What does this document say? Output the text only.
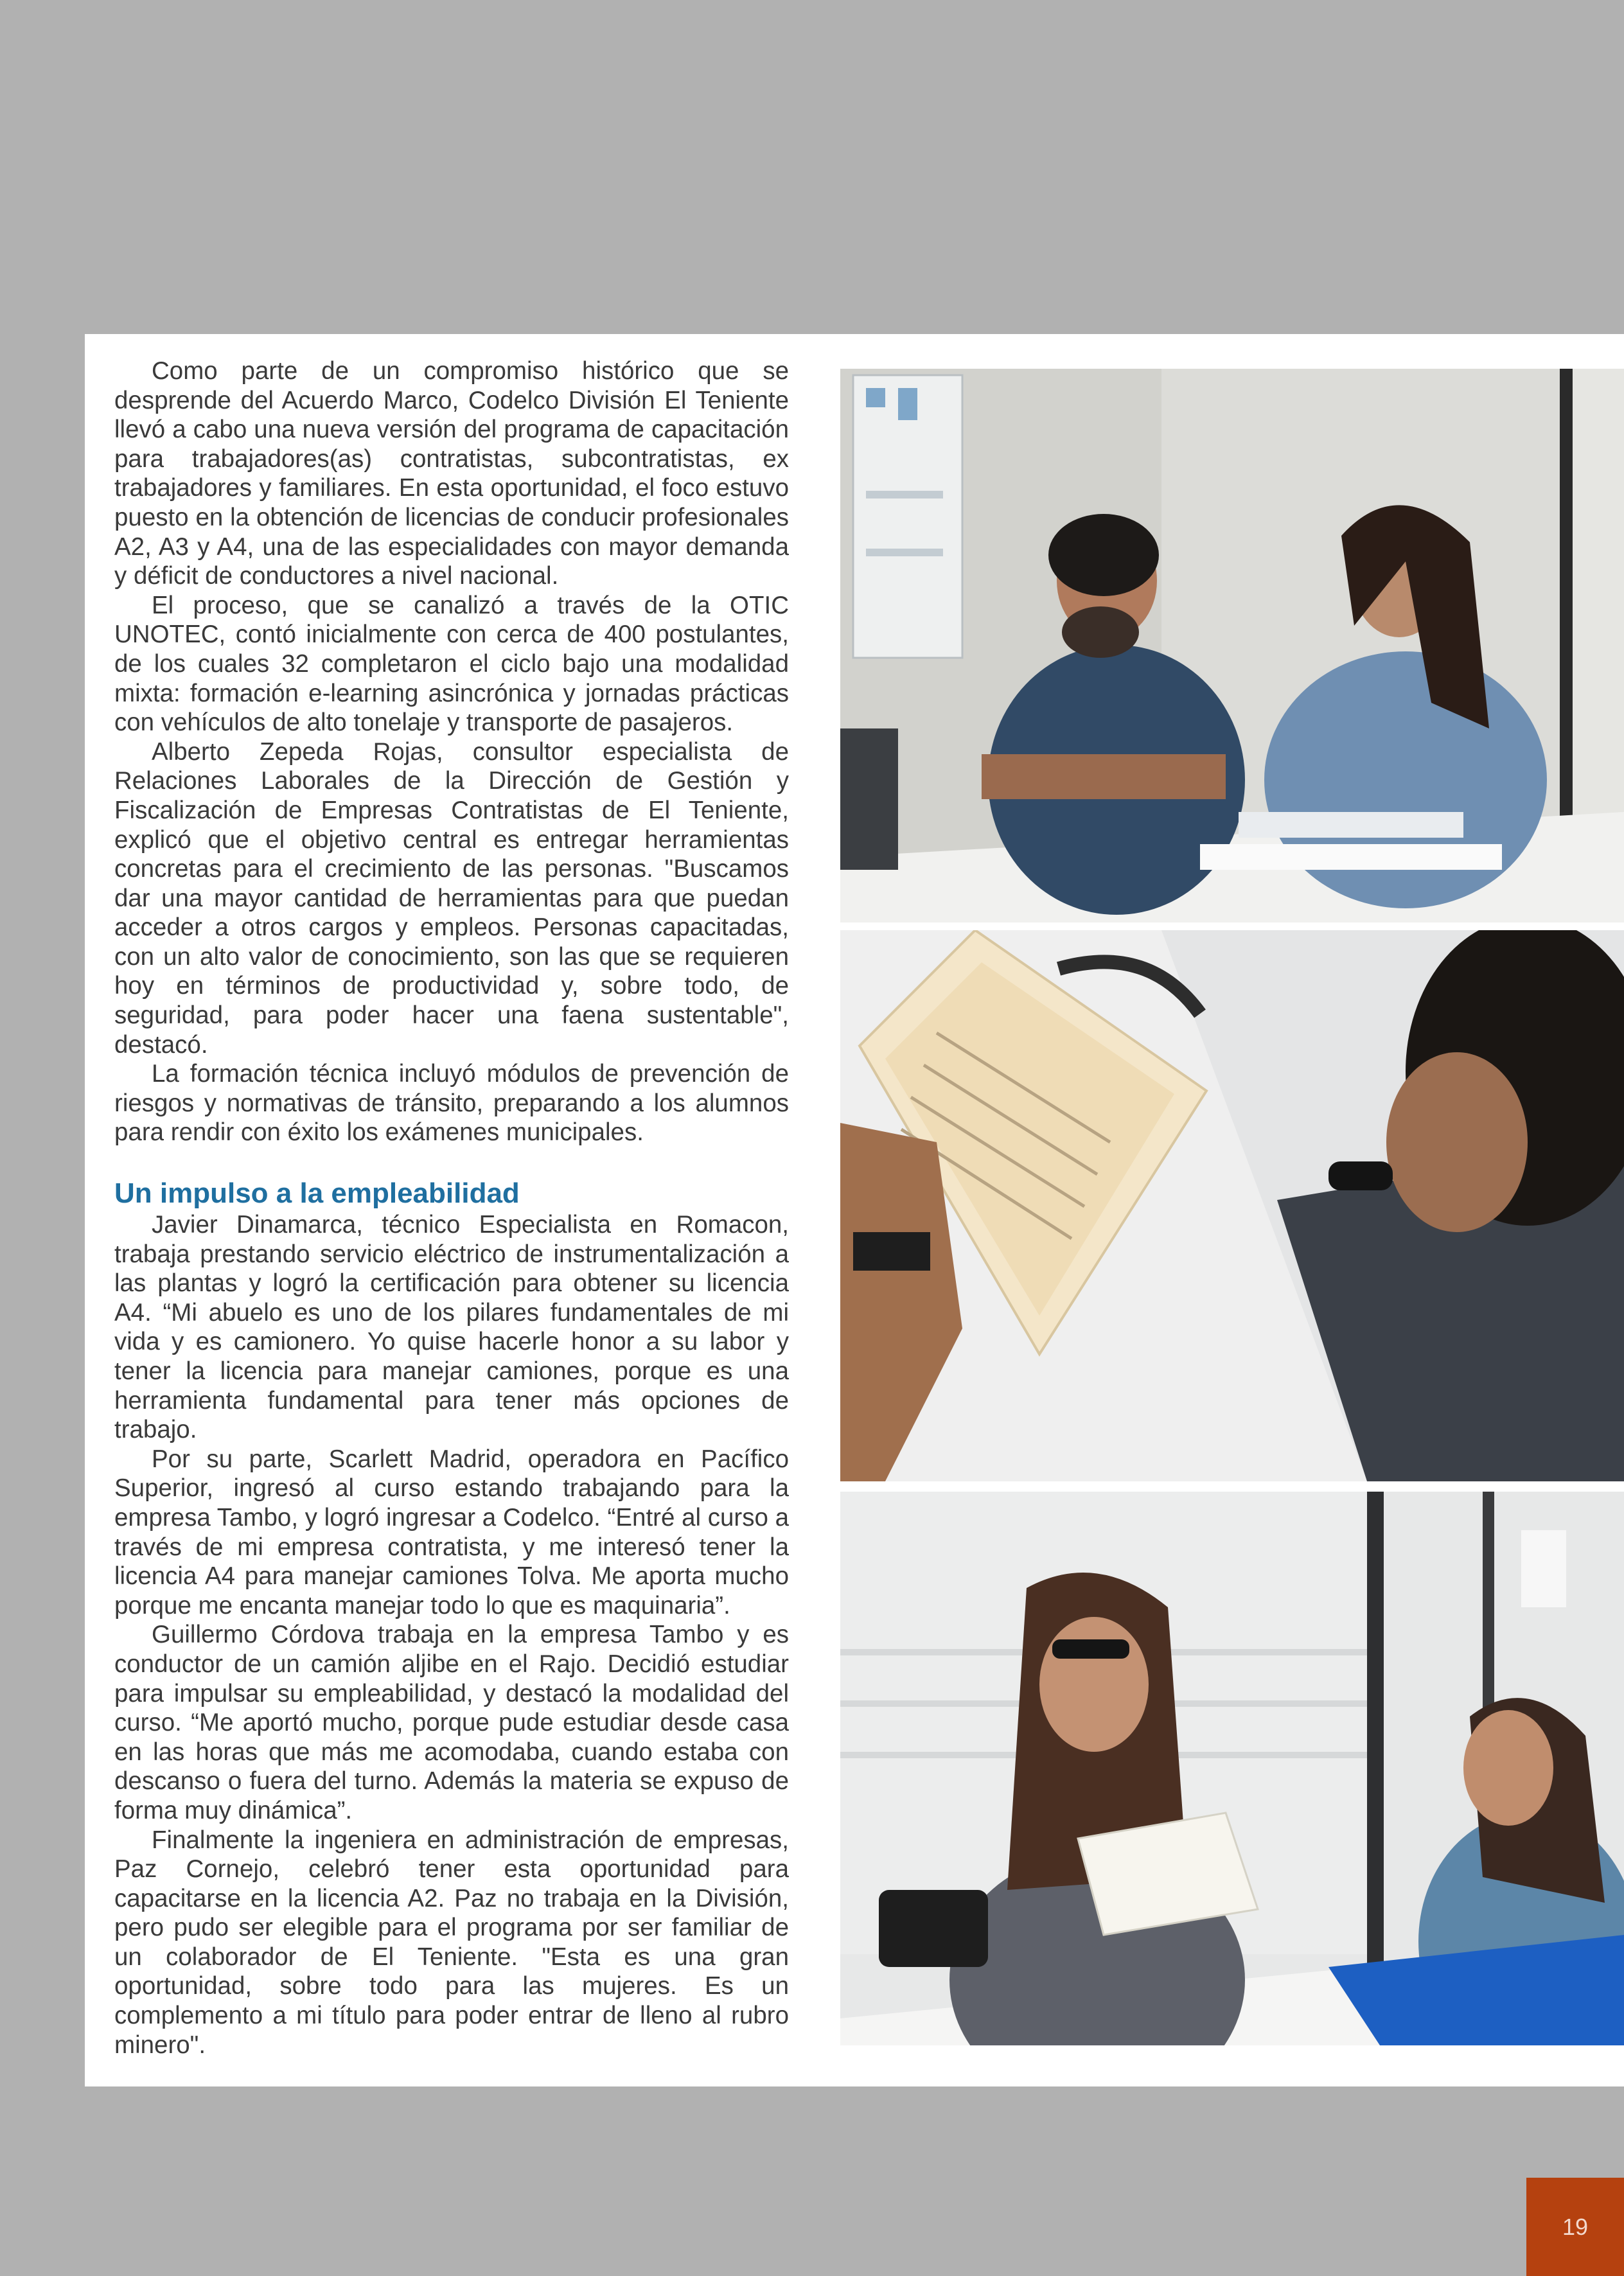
Como parte de un compromiso histórico que se desprende del Acuerdo Marco, Codelco División El Teniente llevó a cabo una nueva versión del programa de capacitación para trabajadores(as) contratistas, subcontratistas, ex trabajadores y familiares. En esta oportunidad, el foco estuvo puesto en la obtención de licencias de conducir profesionales A2, A3 y A4, una de las especialidades con mayor demanda y déficit de conductores a nivel nacional.

El proceso, que se canalizó a través de la OTIC UNOTEC, contó inicialmente con cerca de 400 postulantes, de los cuales 32 completaron el ciclo bajo una modalidad mixta: formación e-learning asincrónica y jornadas prácticas con vehículos de alto tonelaje y transporte de pasajeros.

Alberto Zepeda Rojas, consultor especialista de Relaciones Laborales de la Dirección de Gestión y Fiscalización de Empresas Contratistas de El Teniente, explicó que el objetivo central es entregar herramientas concretas para el crecimiento de las personas. "Buscamos dar una mayor cantidad de herramientas para que puedan acceder a otros cargos y empleos. Personas capacitadas, con un alto valor de conocimiento, son las que se requieren hoy en términos de productividad y, sobre todo, de seguridad, para poder hacer una faena sustentable", destacó.

La formación técnica incluyó módulos de prevención de riesgos y normativas de tránsito, preparando a los alumnos para rendir con éxito los exámenes municipales.

Un impulso a la empleabilidad

Javier Dinamarca, técnico Especialista en Romacon, trabaja prestando servicio eléctrico de instrumentalización a las plantas y logró la certificación para obtener su licencia A4. “Mi abuelo es uno de los pilares fundamentales de mi vida y es camionero. Yo quise hacerle honor a su labor y tener la licencia para manejar camiones, porque es una herramienta fundamental para tener más opciones de trabajo.

Por su parte, Scarlett Madrid, operadora en Pacífico Superior, ingresó al curso estando trabajando para la empresa Tambo, y logró ingresar a Codelco. “Entré al curso a través de mi empresa contratista, y me interesó tener la licencia A4 para manejar camiones Tolva. Me aporta mucho porque me encanta manejar todo lo que es maquinaria”.

Guillermo Córdova trabaja en la empresa Tambo y es conductor de un camión aljibe en el Rajo. Decidió estudiar para impulsar su empleabilidad, y destacó la modalidad del curso. “Me aportó mucho, porque pude estudiar desde casa en las horas que más me acomodaba, cuando estaba con descanso o fuera del turno. Además la materia se expuso de forma muy dinámica”.

Finalmente la ingeniera en administración de empresas, Paz Cornejo, celebró tener esta oportunidad para capacitarse en la licencia A2. Paz no trabaja en la División, pero pudo ser elegible para el programa por ser familiar de un colaborador de El Teniente. "Esta es una gran oportunidad, sobre todo para las mujeres. Es un complemento a mi título para poder entrar de lleno al rubro minero".

19
